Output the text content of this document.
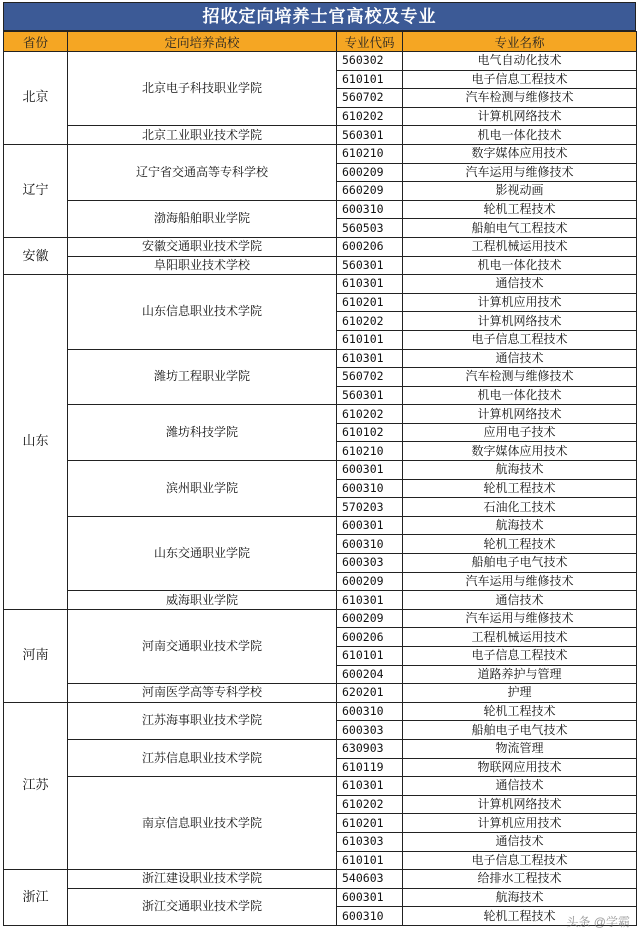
招收定向培养士官高校及专业
省份	定向培养高校	专业代码	专业名称
北京	北京电子科技职业学院	560302	电气自动化技术
		610101	电子信息工程技术
		560702	汽车检测与维修技术
		610202	计算机网络技术
	北京工业职业技术学院	560301	机电一体化技术
辽宁	辽宁省交通高等专科学校	610210	数字媒体应用技术
		600209	汽车运用与维修技术
		660209	影视动画
	渤海船舶职业学院	600310	轮机工程技术
		560503	船舶电气工程技术
安徽	安徽交通职业技术学院	600206	工程机械运用技术
	阜阳职业技术学校	560301	机电一体化技术
山东	山东信息职业技术学院	610301	通信技术
		610201	计算机应用技术
		610202	计算机网络技术
		610101	电子信息工程技术
	潍坊工程职业学院	610301	通信技术
		560702	汽车检测与维修技术
		560301	机电一体化技术
	潍坊科技学院	610202	计算机网络技术
		610102	应用电子技术
		610210	数字媒体应用技术
	滨州职业学院	600301	航海技术
		600310	轮机工程技术
		570203	石油化工技术
	山东交通职业学院	600301	航海技术
		600310	轮机工程技术
		600303	船舶电子电气技术
		600209	汽车运用与维修技术
	威海职业学院	610301	通信技术
河南	河南交通职业技术学院	600209	汽车运用与维修技术
		600206	工程机械运用技术
		610101	电子信息工程技术
		600204	道路养护与管理
	河南医学高等专科学校	620201	护理
江苏	江苏海事职业技术学院	600310	轮机工程技术
		600303	船舶电子电气技术
	江苏信息职业技术学院	630903	物流管理
		610119	物联网应用技术
	南京信息职业技术学院	610301	通信技术
		610202	计算机网络技术
		610201	计算机应用技术
		610303	通信技术
		610101	电子信息工程技术
浙江	浙江建设职业技术学院	540603	给排水工程技术
	浙江交通职业技术学院	600301	航海技术
		600310	轮机工程技术 头条 @学霸
